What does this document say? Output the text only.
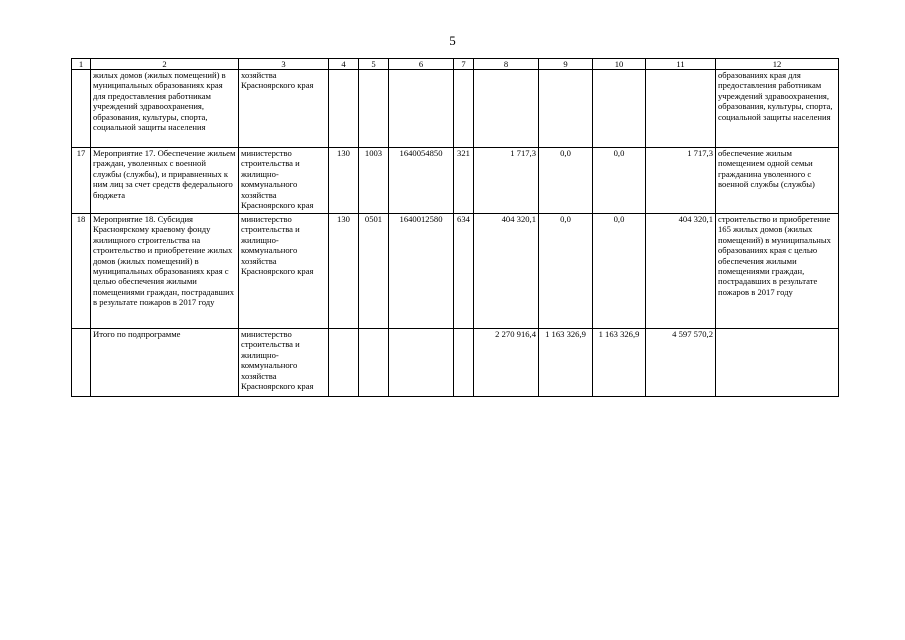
5
1	2	3	4	5	6	7	8	9	10	11	12
	жилых домов (жилых помещений) в муниципальных образованиях края для предоставления работникам учреждений здравоохранения, образования, культуры, спорта, социальной защиты населения	хозяйства Красноярского края									образованиях края для предоставления работникам учреждений здравоохранения, образования, культуры, спорта, социальной защиты населения
17	Мероприятие 17. Обеспечение жильем граждан, уволенных с военной службы (службы), и приравненных к ним лиц за счет средств федерального бюджета	министерство строительства и жилищно- коммунального хозяйства Красноярского края	130	1003	1640054850	321	1 717,3	0,0	0,0	1 717,3	обеспечение жилым помещением одной семьи гражданина уволенного с военной службы (службы)
18	Мероприятие 18. Субсидия Красноярскому краевому фонду жилищного строительства на строительство и приобретение жилых домов (жилых помещений) в муниципальных образованиях края с целью обеспечения жилыми помещениями граждан, пострадавших в результате пожаров в 2017 году	министерство строительства и жилищно- коммунального хозяйства Красноярского края	130	0501	1640012580	634	404 320,1	0,0	0,0	404 320,1	строительство и приобретение 165 жилых домов (жилых помещений) в муниципальных образованиях края с целью обеспечения жилыми помещениями граждан, пострадавших в результате пожаров в 2017 году
	Итого по подпрограмме	министерство строительства и жилищно- коммунального хозяйства Красноярского края					2 270 916,4	1 163 326,9	1 163 326,9	4 597 570,2	
